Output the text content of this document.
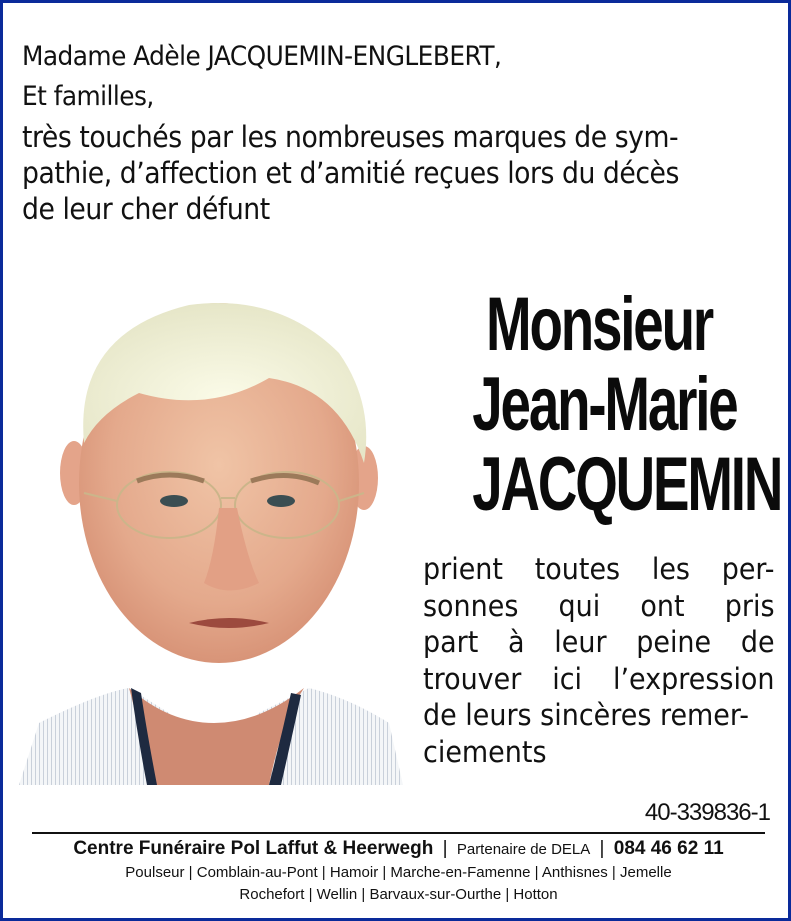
Madame Adèle JACQUEMIN-ENGLEBERT,
Et familles,
très touchés par les nombreuses marques de sym-
pathie, d’affection et d’amitié reçues lors du décès
de leur cher défunt
Monsieur
Jean-Marie
JACQUEMIN
prient toutes les per-
sonnes qui ont pris
part à leur peine de
trouver ici l’expression
de leurs sincères remer-
ciements
40-339836-1
Centre Funéraire Pol Laffut & Heerwegh | Partenaire de DELA | 084 46 62 11
Poulseur | Comblain-au-Pont | Hamoir | Marche-en-Famenne | Anthisnes | Jemelle
Rochefort | Wellin | Barvaux-sur-Ourthe | Hotton
